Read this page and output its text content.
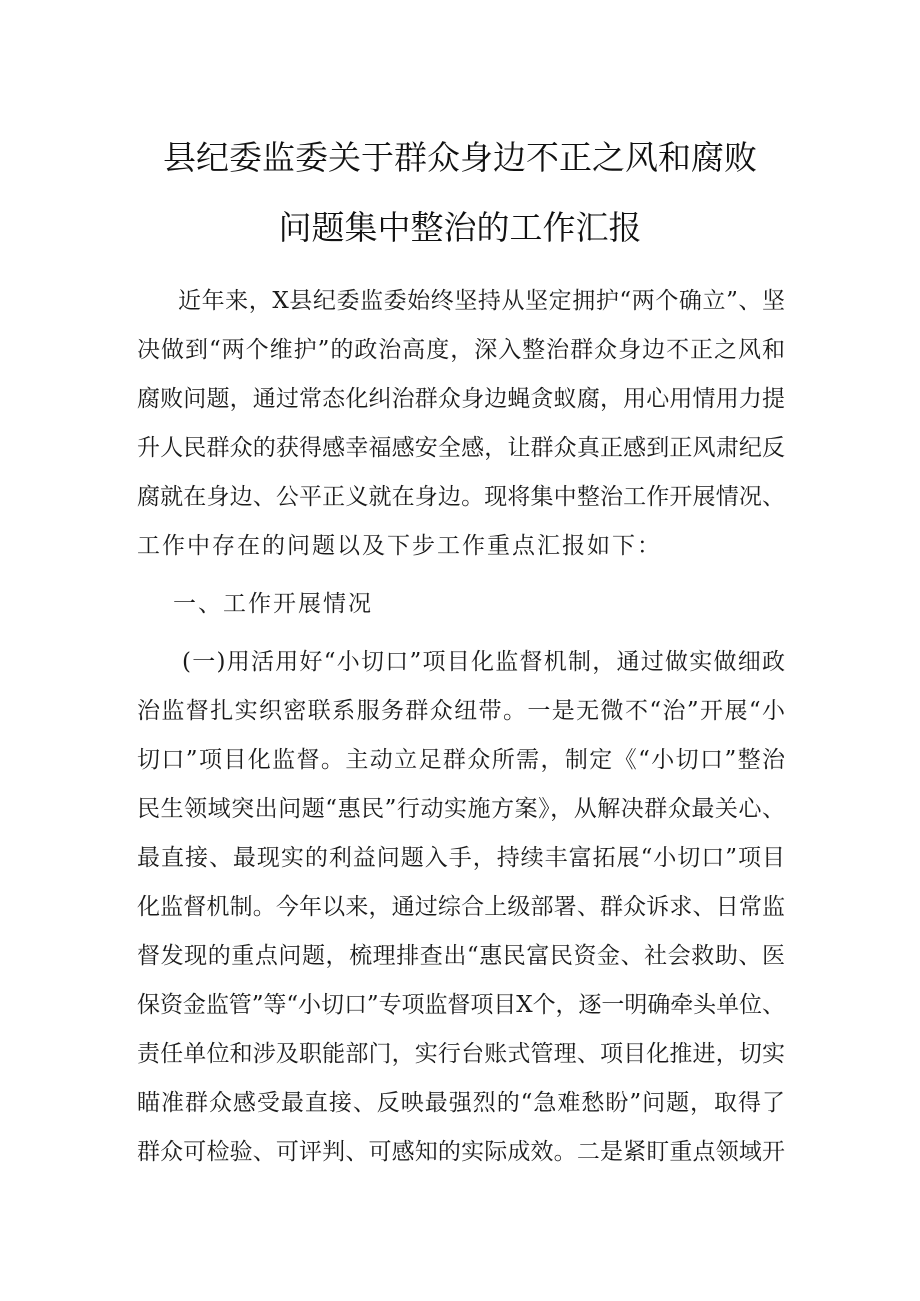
县纪委监委关于群众身边不正之风和腐败
问题集中整治的工作汇报
近年来，X县纪委监委始终坚持从坚定拥护“两个确立”、坚
决做到“两个维护”的政治高度，深入整治群众身边不正之风和
腐败问题，通过常态化纠治群众身边蝇贪蚁腐，用心用情用力提
升人民群众的获得感幸福感安全感，让群众真正感到正风肃纪反
腐就在身边、公平正义就在身边。现将集中整治工作开展情况、
工作中存在的问题以及下步工作重点汇报如下：
一、工作开展情况
(一)用活用好“小切口”项目化监督机制，通过做实做细政
治监督扎实织密联系服务群众纽带。一是无微不“治”开展“小
切口”项目化监督。主动立足群众所需，制定《“小切口”整治
民生领域突出问题“惠民”行动实施方案》，从解决群众最关心、
最直接、最现实的利益问题入手，持续丰富拓展“小切口”项目
化监督机制。今年以来，通过综合上级部署、群众诉求、日常监
督发现的重点问题，梳理排查出“惠民富民资金、社会救助、医
保资金监管”等“小切口”专项监督项目X个，逐一明确牵头单位、
责任单位和涉及职能部门，实行台账式管理、项目化推进，切实
瞄准群众感受最直接、反映最强烈的“急难愁盼”问题，取得了
群众可检验、可评判、可感知的实际成效。二是紧盯重点领域开
